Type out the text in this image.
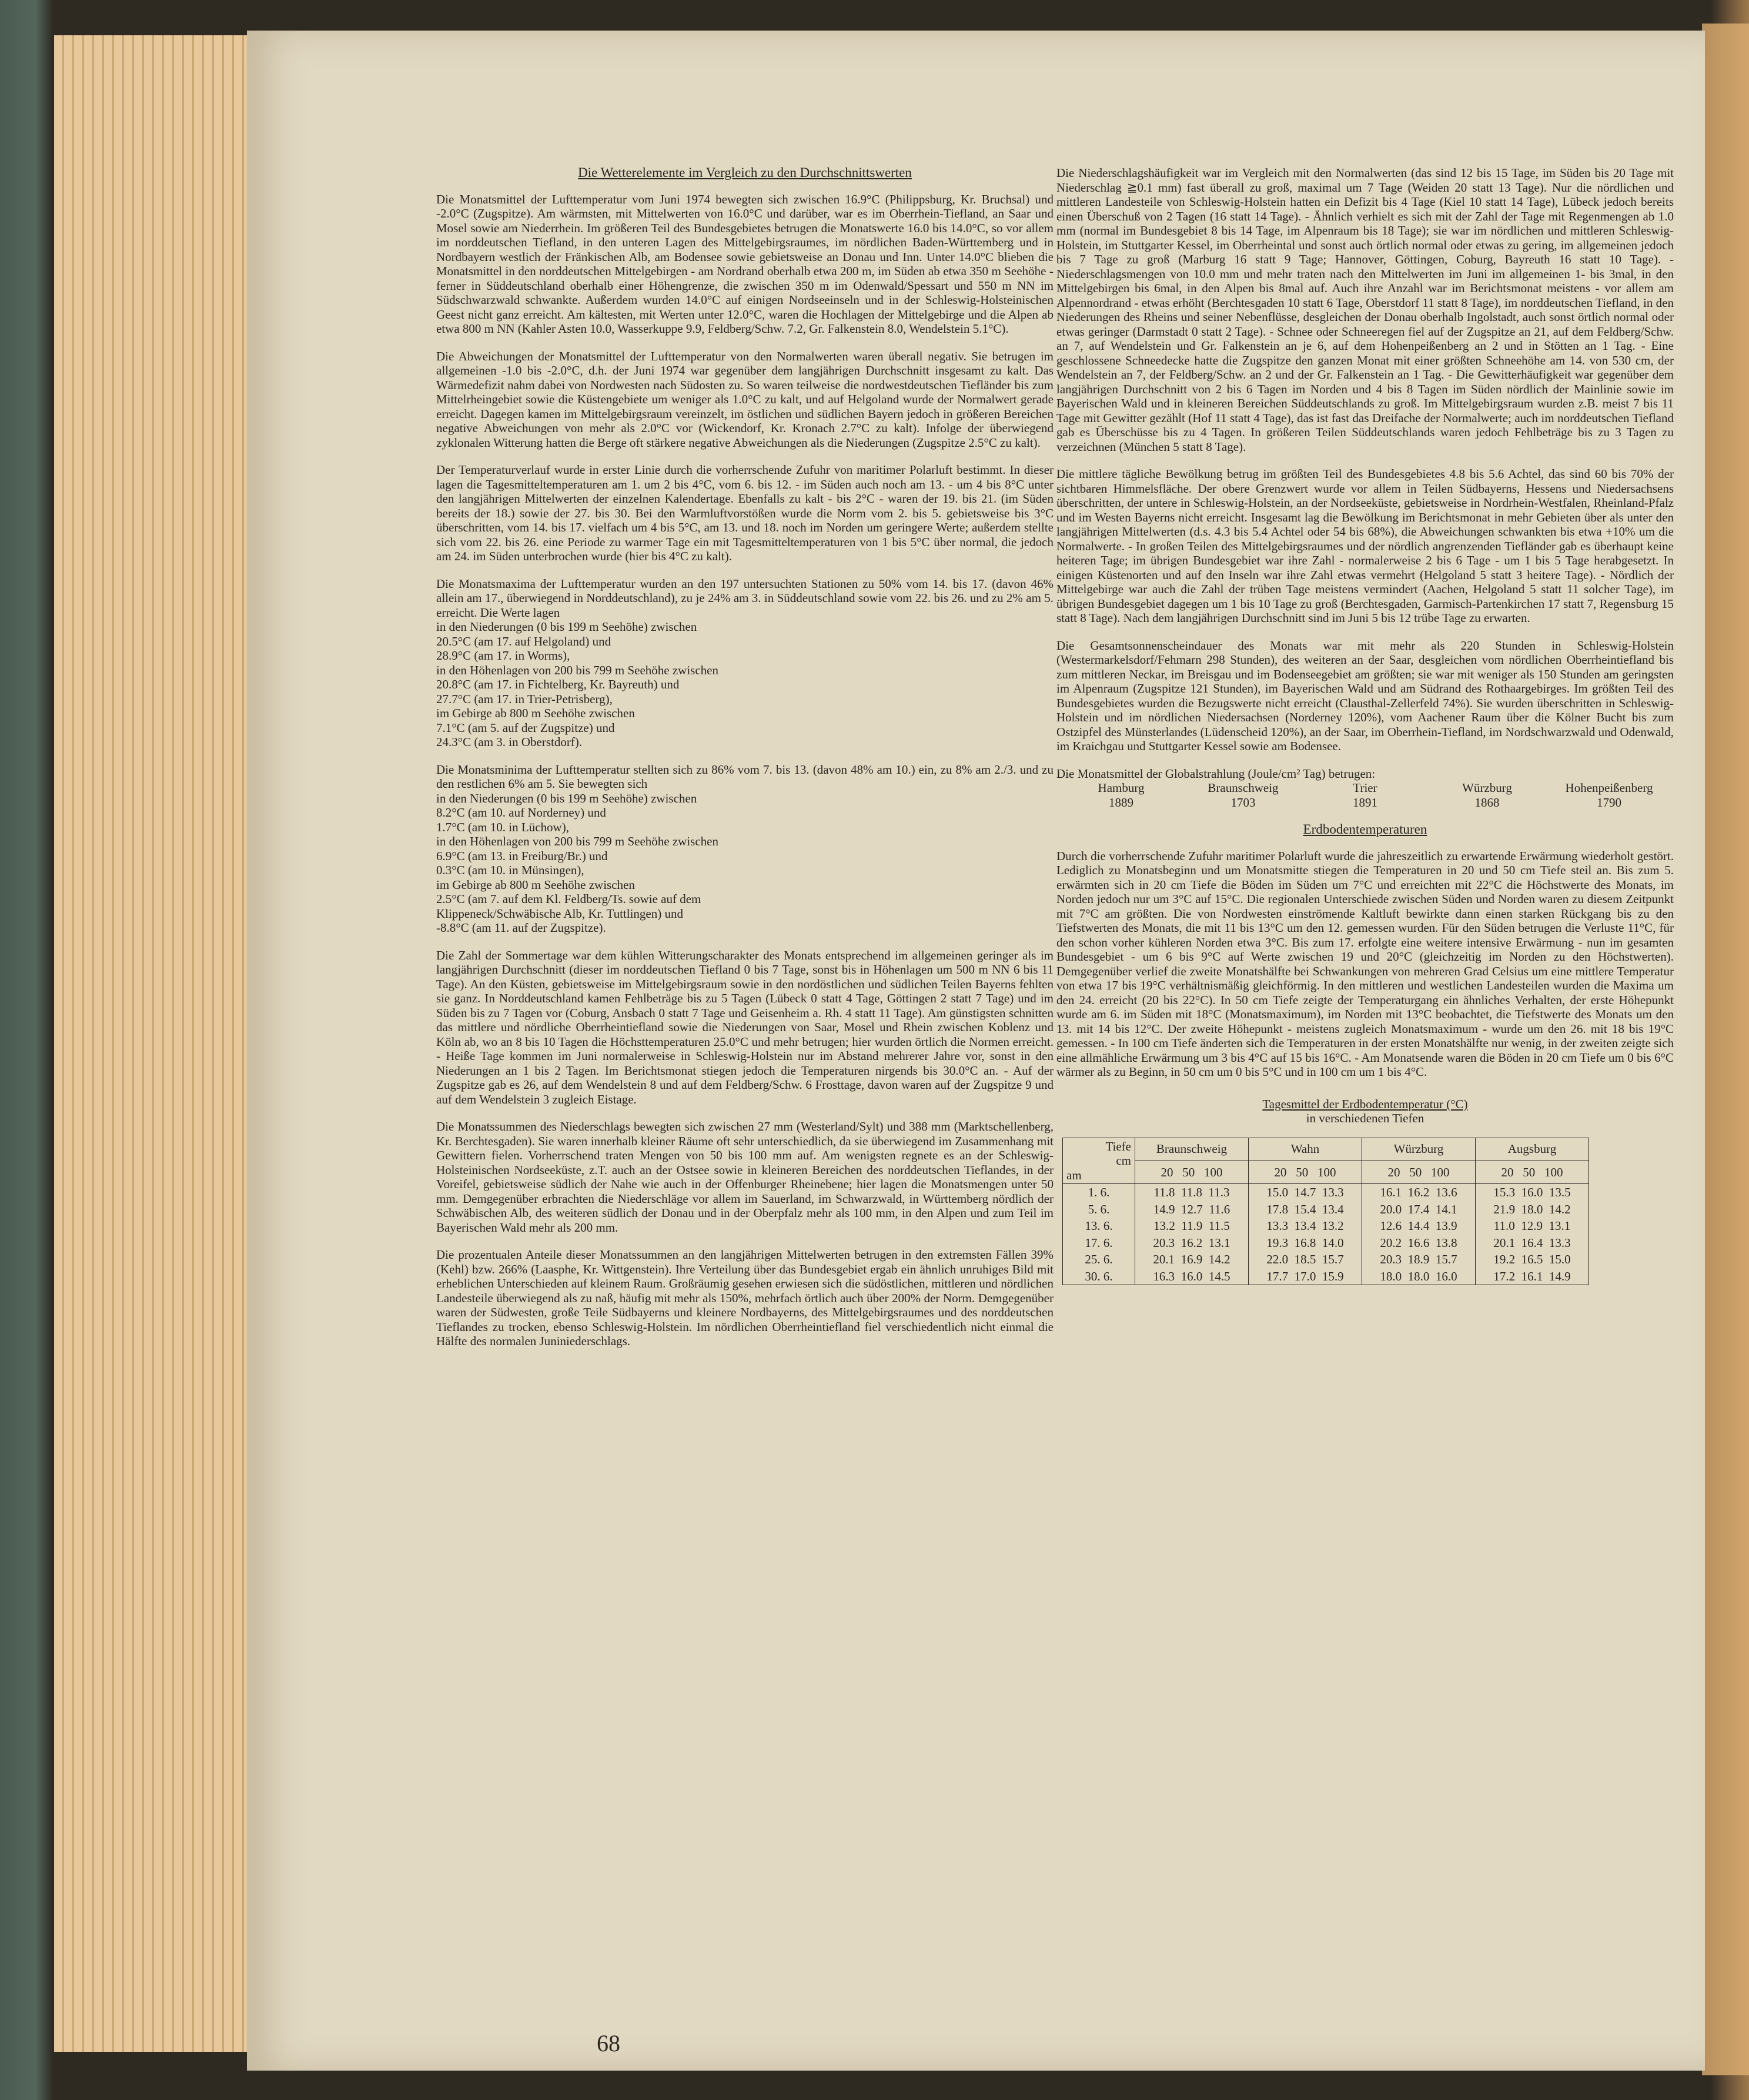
Die Wetterelemente im Vergleich zu den Durchschnittswerten
Die Monatsmittel der Lufttemperatur vom Juni 1974 bewegten sich zwischen 16.9°C (Philippsburg, Kr. Bruchsal) und -2.0°C (Zugspitze). Am wärmsten, mit Mittelwerten von 16.0°C und darüber, war es im Oberrhein-Tiefland, an Saar und Mosel sowie am Niederrhein. Im größeren Teil des Bundesgebietes betrugen die Monatswerte 16.0 bis 14.0°C, so vor allem im norddeutschen Tiefland, in den unteren Lagen des Mittelgebirgsraumes, im nördlichen Baden-Württemberg und in Nordbayern westlich der Fränkischen Alb, am Bodensee sowie gebietsweise an Donau und Inn. Unter 14.0°C blieben die Monatsmittel in den norddeutschen Mittelgebirgen - am Nordrand oberhalb etwa 200 m, im Süden ab etwa 350 m Seehöhe - ferner in Süddeutschland oberhalb einer Höhengrenze, die zwischen 350 m im Odenwald/Spessart und 550 m NN im Südschwarzwald schwankte. Außerdem wurden 14.0°C auf einigen Nordseeinseln und in der Schleswig-Holsteinischen Geest nicht ganz erreicht. Am kältesten, mit Werten unter 12.0°C, waren die Hochlagen der Mittelgebirge und die Alpen ab etwa 800 m NN (Kahler Asten 10.0, Wasserkuppe 9.9, Feldberg/Schw. 7.2, Gr. Falkenstein 8.0, Wendelstein 5.1°C).
Die Abweichungen der Monatsmittel der Lufttemperatur von den Normalwerten waren überall negativ. Sie betrugen im allgemeinen -1.0 bis -2.0°C, d.h. der Juni 1974 war gegenüber dem langjährigen Durchschnitt insgesamt zu kalt. Das Wärmedefizit nahm dabei von Nordwesten nach Südosten zu. So waren teilweise die nordwestdeutschen Tiefländer bis zum Mittelrheingebiet sowie die Küstengebiete um weniger als 1.0°C zu kalt, und auf Helgoland wurde der Normalwert gerade erreicht. Dagegen kamen im Mittelgebirgsraum vereinzelt, im östlichen und südlichen Bayern jedoch in größeren Bereichen negative Abweichungen von mehr als 2.0°C vor (Wickendorf, Kr. Kronach 2.7°C zu kalt). Infolge der überwiegend zyklonalen Witterung hatten die Berge oft stärkere negative Abweichungen als die Niederungen (Zugspitze 2.5°C zu kalt).
Der Temperaturverlauf wurde in erster Linie durch die vorherrschende Zufuhr von maritimer Polarluft bestimmt. In dieser lagen die Tagesmitteltemperaturen am 1. um 2 bis 4°C, vom 6. bis 12. - im Süden auch noch am 13. - um 4 bis 8°C unter den langjährigen Mittelwerten der einzelnen Kalendertage. Ebenfalls zu kalt - bis 2°C - waren der 19. bis 21. (im Süden bereits der 18.) sowie der 27. bis 30. Bei den Warmluftvorstößen wurde die Norm vom 2. bis 5. gebietsweise bis 3°C überschritten, vom 14. bis 17. vielfach um 4 bis 5°C, am 13. und 18. noch im Norden um geringere Werte; außerdem stellte sich vom 22. bis 26. eine Periode zu warmer Tage ein mit Tagesmitteltemperaturen von 1 bis 5°C über normal, die jedoch am 24. im Süden unterbrochen wurde (hier bis 4°C zu kalt).
Die Monatsmaxima der Lufttemperatur wurden an den 197 untersuchten Stationen zu 50% vom 14. bis 17. (davon 46% allein am 17., überwiegend in Norddeutschland), zu je 24% am 3. in Süddeutschland sowie vom 22. bis 26. und zu 2% am 5. erreicht. Die Werte lagen
in den Niederungen (0 bis 199 m Seehöhe) zwischen
20.5°C (am 17. auf Helgoland) und
28.9°C (am 17. in Worms),
in den Höhenlagen von 200 bis 799 m Seehöhe zwischen
20.8°C (am 17. in Fichtelberg, Kr. Bayreuth) und
27.7°C (am 17. in Trier-Petrisberg),
im Gebirge ab 800 m Seehöhe zwischen
7.1°C (am 5. auf der Zugspitze) und
24.3°C (am 3. in Oberstdorf).
Die Monatsminima der Lufttemperatur stellten sich zu 86% vom 7. bis 13. (davon 48% am 10.) ein, zu 8% am 2./3. und zu den restlichen 6% am 5. Sie bewegten sich
in den Niederungen (0 bis 199 m Seehöhe) zwischen
8.2°C (am 10. auf Norderney) und
1.7°C (am 10. in Lüchow),
in den Höhenlagen von 200 bis 799 m Seehöhe zwischen
6.9°C (am 13. in Freiburg/Br.) und
0.3°C (am 10. in Münsingen),
im Gebirge ab 800 m Seehöhe zwischen
2.5°C (am 7. auf dem Kl. Feldberg/Ts. sowie auf dem
Klippeneck/Schwäbische Alb, Kr. Tuttlingen) und
-8.8°C (am 11. auf der Zugspitze).
Die Zahl der Sommertage war dem kühlen Witterungscharakter des Monats entsprechend im allgemeinen geringer als im langjährigen Durchschnitt (dieser im norddeutschen Tiefland 0 bis 7 Tage, sonst bis in Höhenlagen um 500 m NN 6 bis 11 Tage). An den Küsten, gebietsweise im Mittelgebirgsraum sowie in den nordöstlichen und südlichen Teilen Bayerns fehlten sie ganz. In Norddeutschland kamen Fehlbeträge bis zu 5 Tagen (Lübeck 0 statt 4 Tage, Göttingen 2 statt 7 Tage) und im Süden bis zu 7 Tagen vor (Coburg, Ansbach 0 statt 7 Tage und Geisenheim a. Rh. 4 statt 11 Tage). Am günstigsten schnitten das mittlere und nördliche Oberrheintiefland sowie die Niederungen von Saar, Mosel und Rhein zwischen Koblenz und Köln ab, wo an 8 bis 10 Tagen die Höchsttemperaturen 25.0°C und mehr betrugen; hier wurden örtlich die Normen erreicht. - Heiße Tage kommen im Juni normalerweise in Schleswig-Holstein nur im Abstand mehrerer Jahre vor, sonst in den Niederungen an 1 bis 2 Tagen. Im Berichtsmonat stiegen jedoch die Temperaturen nirgends bis 30.0°C an. - Auf der Zugspitze gab es 26, auf dem Wendelstein 8 und auf dem Feldberg/Schw. 6 Frosttage, davon waren auf der Zugspitze 9 und auf dem Wendelstein 3 zugleich Eistage.
Die Monatssummen des Niederschlags bewegten sich zwischen 27 mm (Westerland/Sylt) und 388 mm (Marktschellenberg, Kr. Berchtesgaden). Sie waren innerhalb kleiner Räume oft sehr unterschiedlich, da sie überwiegend im Zusammenhang mit Gewittern fielen. Vorherrschend traten Mengen von 50 bis 100 mm auf. Am wenigsten regnete es an der Schleswig-Holsteinischen Nordseeküste, z.T. auch an der Ostsee sowie in kleineren Bereichen des norddeutschen Tieflandes, in der Voreifel, gebietsweise südlich der Nahe wie auch in der Offenburger Rheinebene; hier lagen die Monatsmengen unter 50 mm. Demgegenüber erbrachten die Niederschläge vor allem im Sauerland, im Schwarzwald, in Württemberg nördlich der Schwäbischen Alb, des weiteren südlich der Donau und in der Oberpfalz mehr als 100 mm, in den Alpen und zum Teil im Bayerischen Wald mehr als 200 mm.
Die prozentualen Anteile dieser Monatssummen an den langjährigen Mittelwerten betrugen in den extremsten Fällen 39% (Kehl) bzw. 266% (Laasphe, Kr. Wittgenstein). Ihre Verteilung über das Bundesgebiet ergab ein ähnlich unruhiges Bild mit erheblichen Unterschieden auf kleinem Raum. Großräumig gesehen erwiesen sich die südöstlichen, mittleren und nördlichen Landesteile überwiegend als zu naß, häufig mit mehr als 150%, mehrfach örtlich auch über 200% der Norm. Demgegenüber waren der Südwesten, große Teile Südbayerns und kleinere Nordbayerns, des Mittelgebirgsraumes und des norddeutschen Tieflandes zu trocken, ebenso Schleswig-Holstein. Im nördlichen Oberrheintiefland fiel verschiedentlich nicht einmal die Hälfte des normalen Juniniederschlags.
Die Niederschlagshäufigkeit war im Vergleich mit den Normalwerten (das sind 12 bis 15 Tage, im Süden bis 20 Tage mit Niederschlag ≧0.1 mm) fast überall zu groß, maximal um 7 Tage (Weiden 20 statt 13 Tage). Nur die nördlichen und mittleren Landesteile von Schleswig-Holstein hatten ein Defizit bis 4 Tage (Kiel 10 statt 14 Tage), Lübeck jedoch bereits einen Überschuß von 2 Tagen (16 statt 14 Tage). - Ähnlich verhielt es sich mit der Zahl der Tage mit Regenmengen ab 1.0 mm (normal im Bundesgebiet 8 bis 14 Tage, im Alpenraum bis 18 Tage); sie war im nördlichen und mittleren Schleswig-Holstein, im Stuttgarter Kessel, im Oberrheintal und sonst auch örtlich normal oder etwas zu gering, im allgemeinen jedoch bis 7 Tage zu groß (Marburg 16 statt 9 Tage; Hannover, Göttingen, Coburg, Bayreuth 16 statt 10 Tage). - Niederschlagsmengen von 10.0 mm und mehr traten nach den Mittelwerten im Juni im allgemeinen 1- bis 3mal, in den Mittelgebirgen bis 6mal, in den Alpen bis 8mal auf. Auch ihre Anzahl war im Berichtsmonat meistens - vor allem am Alpennordrand - etwas erhöht (Berchtesgaden 10 statt 6 Tage, Oberstdorf 11 statt 8 Tage), im norddeutschen Tiefland, in den Niederungen des Rheins und seiner Nebenflüsse, desgleichen der Donau oberhalb Ingolstadt, auch sonst örtlich normal oder etwas geringer (Darmstadt 0 statt 2 Tage). - Schnee oder Schneeregen fiel auf der Zugspitze an 21, auf dem Feldberg/Schw. an 7, auf Wendelstein und Gr. Falkenstein an je 6, auf dem Hohenpeißenberg an 2 und in Stötten an 1 Tag. - Eine geschlossene Schneedecke hatte die Zugspitze den ganzen Monat mit einer größten Schneehöhe am 14. von 530 cm, der Wendelstein an 7, der Feldberg/Schw. an 2 und der Gr. Falkenstein an 1 Tag. - Die Gewitterhäufigkeit war gegenüber dem langjährigen Durchschnitt von 2 bis 6 Tagen im Norden und 4 bis 8 Tagen im Süden nördlich der Mainlinie sowie im Bayerischen Wald und in kleineren Bereichen Süddeutschlands zu groß. Im Mittelgebirgsraum wurden z.B. meist 7 bis 11 Tage mit Gewitter gezählt (Hof 11 statt 4 Tage), das ist fast das Dreifache der Normalwerte; auch im norddeutschen Tiefland gab es Überschüsse bis zu 4 Tagen. In größeren Teilen Süddeutschlands waren jedoch Fehlbeträge bis zu 3 Tagen zu verzeichnen (München 5 statt 8 Tage).
Die mittlere tägliche Bewölkung betrug im größten Teil des Bundesgebietes 4.8 bis 5.6 Achtel, das sind 60 bis 70% der sichtbaren Himmelsfläche. Der obere Grenzwert wurde vor allem in Teilen Südbayerns, Hessens und Niedersachsens überschritten, der untere in Schleswig-Holstein, an der Nordseeküste, gebietsweise in Nordrhein-Westfalen, Rheinland-Pfalz und im Westen Bayerns nicht erreicht. Insgesamt lag die Bewölkung im Berichtsmonat in mehr Gebieten über als unter den langjährigen Mittelwerten (d.s. 4.3 bis 5.4 Achtel oder 54 bis 68%), die Abweichungen schwankten bis etwa +10% um die Normalwerte. - In großen Teilen des Mittelgebirgsraumes und der nördlich angrenzenden Tiefländer gab es überhaupt keine heiteren Tage; im übrigen Bundesgebiet war ihre Zahl - normalerweise 2 bis 6 Tage - um 1 bis 5 Tage herabgesetzt. In einigen Küstenorten und auf den Inseln war ihre Zahl etwas vermehrt (Helgoland 5 statt 3 heitere Tage). - Nördlich der Mittelgebirge war auch die Zahl der trüben Tage meistens vermindert (Aachen, Helgoland 5 statt 11 solcher Tage), im übrigen Bundesgebiet dagegen um 1 bis 10 Tage zu groß (Berchtesgaden, Garmisch-Partenkirchen 17 statt 7, Regensburg 15 statt 8 Tage). Nach dem langjährigen Durchschnitt sind im Juni 5 bis 12 trübe Tage zu erwarten.
Die Gesamtsonnenscheindauer des Monats war mit mehr als 220 Stunden in Schleswig-Holstein (Westermarkelsdorf/Fehmarn 298 Stunden), des weiteren an der Saar, desgleichen vom nördlichen Oberrheintiefland bis zum mittleren Neckar, im Breisgau und im Bodenseegebiet am größten; sie war mit weniger als 150 Stunden am geringsten im Alpenraum (Zugspitze 121 Stunden), im Bayerischen Wald und am Südrand des Rothaargebirges. Im größten Teil des Bundesgebietes wurden die Bezugswerte nicht erreicht (Clausthal-Zellerfeld 74%). Sie wurden überschritten in Schleswig-Holstein und im nördlichen Niedersachsen (Norderney 120%), vom Aachener Raum über die Kölner Bucht bis zum Ostzipfel des Münsterlandes (Lüdenscheid 120%), an der Saar, im Oberrhein-Tiefland, im Nordschwarzwald und Odenwald, im Kraichgau und Stuttgarter Kessel sowie am Bodensee.
Die Monatsmittel der Globalstrahlung (Joule/cm² Tag) betrugen:
Hamburg	Braunschweig	Trier	Würzburg	Hohenpeißenberg
1889	1703	1891	1868	1790
Erdbodentemperaturen
Durch die vorherrschende Zufuhr maritimer Polarluft wurde die jahreszeitlich zu erwartende Erwärmung wiederholt gestört. Lediglich zu Monatsbeginn und um Monatsmitte stiegen die Temperaturen in 20 und 50 cm Tiefe steil an. Bis zum 5. erwärmten sich in 20 cm Tiefe die Böden im Süden um 7°C und erreichten mit 22°C die Höchstwerte des Monats, im Norden jedoch nur um 3°C auf 15°C. Die regionalen Unterschiede zwischen Süden und Norden waren zu diesem Zeitpunkt mit 7°C am größten. Die von Nordwesten einströmende Kaltluft bewirkte dann einen starken Rückgang bis zu den Tiefstwerten des Monats, die mit 11 bis 13°C um den 12. gemessen wurden. Für den Süden betrugen die Verluste 11°C, für den schon vorher kühleren Norden etwa 3°C. Bis zum 17. erfolgte eine weitere intensive Erwärmung - nun im gesamten Bundesgebiet - um 6 bis 9°C auf Werte zwischen 19 und 20°C (gleichzeitig im Norden zu den Höchstwerten). Demgegenüber verlief die zweite Monatshälfte bei Schwankungen von mehreren Grad Celsius um eine mittlere Temperatur von etwa 17 bis 19°C verhältnismäßig gleichförmig. In den mittleren und westlichen Landesteilen wurden die Maxima um den 24. erreicht (20 bis 22°C). In 50 cm Tiefe zeigte der Temperaturgang ein ähnliches Verhalten, der erste Höhepunkt wurde am 6. im Süden mit 18°C (Monatsmaximum), im Norden mit 13°C beobachtet, die Tiefstwerte des Monats um den 13. mit 14 bis 12°C. Der zweite Höhepunkt - meistens zugleich Monatsmaximum - wurde um den 26. mit 18 bis 19°C gemessen. - In 100 cm Tiefe änderten sich die Temperaturen in der ersten Monatshälfte nur wenig, in der zweiten zeigte sich eine allmähliche Erwärmung um 3 bis 4°C auf 15 bis 16°C. - Am Monatsende waren die Böden in 20 cm Tiefe um 0 bis 6°C wärmer als zu Beginn, in 50 cm um 0 bis 5°C und in 100 cm um 1 bis 4°C.
Tagesmittel der Erdbodentemperatur (°C)
in verschiedenen Tiefen
Tiefe
cm
am	Braunschweig	Wahn	Würzburg	Augsburg
	20   50   100	20   50   100	20   50   100	20   50   100
1. 6.	11.8  11.8  11.3	15.0  14.7  13.3	16.1  16.2  13.6	15.3  16.0  13.5
5. 6.	14.9  12.7  11.6	17.8  15.4  13.4	20.0  17.4  14.1	21.9  18.0  14.2
13. 6.	13.2  11.9  11.5	13.3  13.4  13.2	12.6  14.4  13.9	11.0  12.9  13.1
17. 6.	20.3  16.2  13.1	19.3  16.8  14.0	20.2  16.6  13.8	20.1  16.4  13.3
25. 6.	20.1  16.9  14.2	22.0  18.5  15.7	20.3  18.9  15.7	19.2  16.5  15.0
30. 6.	16.3  16.0  14.5	17.7  17.0  15.9	18.0  18.0  16.0	17.2  16.1  14.9
68
